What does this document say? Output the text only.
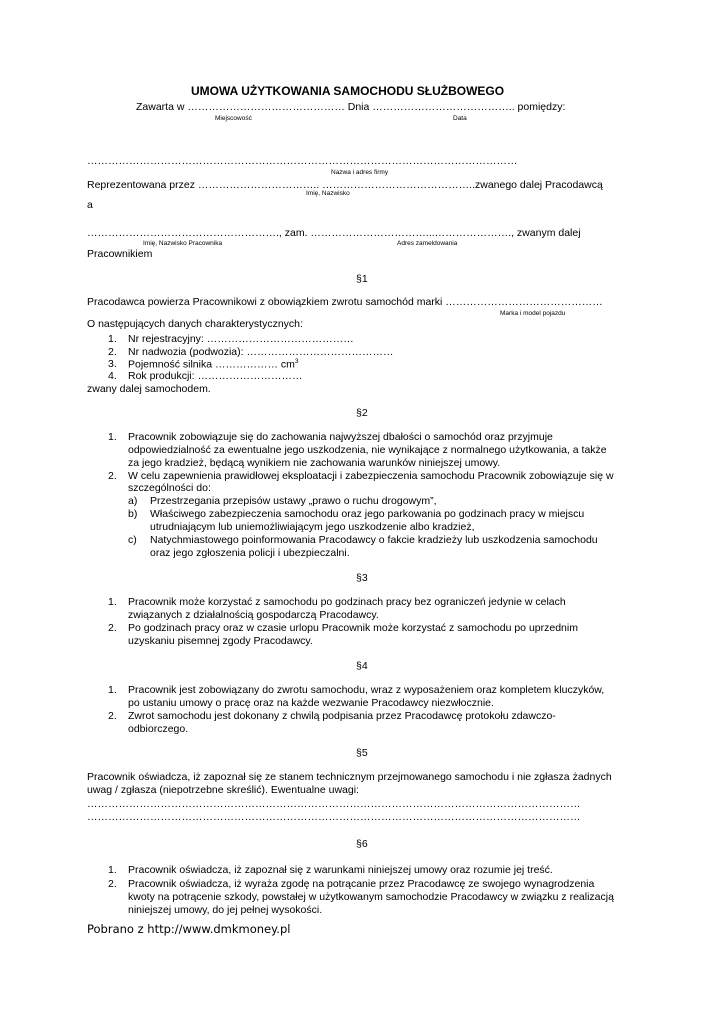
UMOWA UŻYTKOWANIA SAMOCHODU SŁUŻBOWEGO
Zawarta w ……………………………………… Dnia ………………………………….. pomiędzy:
Miejscowość	Data
……………………………………………………………………………………………………………
Nazwa i adres firmy
Reprezentowana przez …………………………….. ……………………………………..zwanego dalej Pracodawcą
Imię, Nazwisko
a
………………………………………………., zam. ……………………………...…………………., zwanym dalej
Imię, Nazwisko Pracownika	Adres zameldowania
Pracownikiem
§1
Pracodawca powierza Pracownikowi z obowiązkiem zwrotu samochód marki ………………………………………
Marka i model pojazdu
O następujących danych charakterystycznych:
1. Nr rejestracyjny: ……………………………………
2. Nr nadwozia (podwozia): ……………………………………
3. Pojemność silnika ……………… $cm^3$
4. Rok produkcji: …………………………
zwany dalej samochodem.
§2
1. Pracownik zobowiązuje się do zachowania najwyższej dbałości o samochód oraz przyjmuje
odpowiedzialność za ewentualne jego uszkodzenia, nie wynikające z normalnego użytkowania, a także
za jego kradzież, będącą wynikiem nie zachowania warunków niniejszej umowy.
2. W celu zapewnienia prawidłowej eksploatacji i zabezpieczenia samochodu Pracownik zobowiązuje się w
szczególności do:
a) Przestrzegania przepisów ustawy „prawo o ruchu drogowym”,
b) Właściwego zabezpieczenia samochodu oraz jego parkowania po godzinach pracy w miejscu
utrudniającym lub uniemożliwiającym jego uszkodzenie albo kradzież,
c) Natychmiastowego poinformowania Pracodawcy o fakcie kradzieży lub uszkodzenia samochodu
oraz jego zgłoszenia policji i ubezpieczalni.
§3
1. Pracownik może korzystać z samochodu po godzinach pracy bez ograniczeń jedynie w celach
związanych z działalnością gospodarczą Pracodawcy.
2. Po godzinach pracy oraz w czasie urlopu Pracownik może korzystać z samochodu po uprzednim
uzyskaniu pisemnej zgody Pracodawcy.
§4
1. Pracownik jest zobowiązany do zwrotu samochodu, wraz z wyposażeniem oraz kompletem kluczyków,
po ustaniu umowy o pracę oraz na każde wezwanie Pracodawcy niezwłocznie.
2. Zwrot samochodu jest dokonany z chwilą podpisania przez Pracodawcę protokołu zdawczo-
odbiorczego.
§5
Pracownik oświadcza, iż zapoznał się ze stanem technicznym przejmowanego samochodu i nie zgłasza żadnych
uwag / zgłasza (niepotrzebne skreślić). Ewentualne uwagi:
……………………………………………………………………………………………………………………………
……………………………………………………………………………………………………………………………
§6
1. Pracownik oświadcza, iż zapoznał się z warunkami niniejszej umowy oraz rozumie jej treść.
2. Pracownik oświadcza, iż wyraża zgodę na potrącanie przez Pracodawcę ze swojego wynagrodzenia
kwoty na potrącenie szkody, powstałej w użytkowanym samochodzie Pracodawcy w związku z realizacją
niniejszej umowy, do jej pełnej wysokości.
Pobrano z http://www.dmkmoney.pl
